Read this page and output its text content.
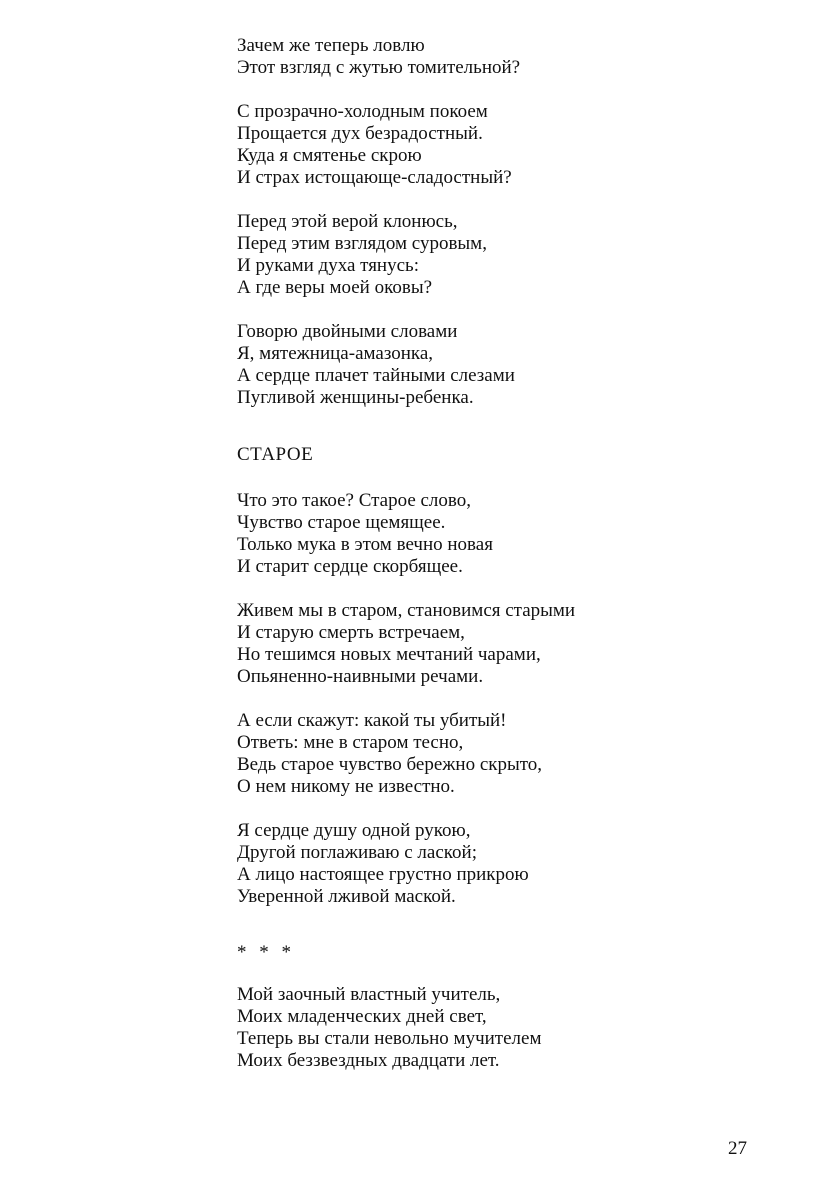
Зачем же теперь ловлю
Этот взгляд с жутью томительной?
С прозрачно-холодным покоем
Прощается дух безрадостный.
Куда я смятенье скрою
И страх истощающе-сладостный?
Перед этой верой клонюсь,
Перед этим взглядом суровым,
И руками духа тянусь:
А где веры моей оковы?
Говорю двойными словами
Я, мятежница-амазонка,
А сердце плачет тайными слезами
Пугливой женщины-ребенка.
СТАРОЕ
Что это такое? Старое слово,
Чувство старое щемящее.
Только мука в этом вечно новая
И старит сердце скорбящее.
Живем мы в старом, становимся старыми
И старую смерть встречаем,
Но тешимся новых мечтаний чарами,
Опьяненно-наивными речами.
А если скажут: какой ты убитый!
Ответь: мне в старом тесно,
Ведь старое чувство бережно скрыто,
О нем никому не известно.
Я сердце душу одной рукою,
Другой поглаживаю с лаской;
А лицо настоящее грустно прикрою
Уверенной лживой маской.
* * *
Мой заочный властный учитель,
Моих младенческих дней свет,
Теперь вы стали невольно мучителем
Моих беззвездных двадцати лет.
27
